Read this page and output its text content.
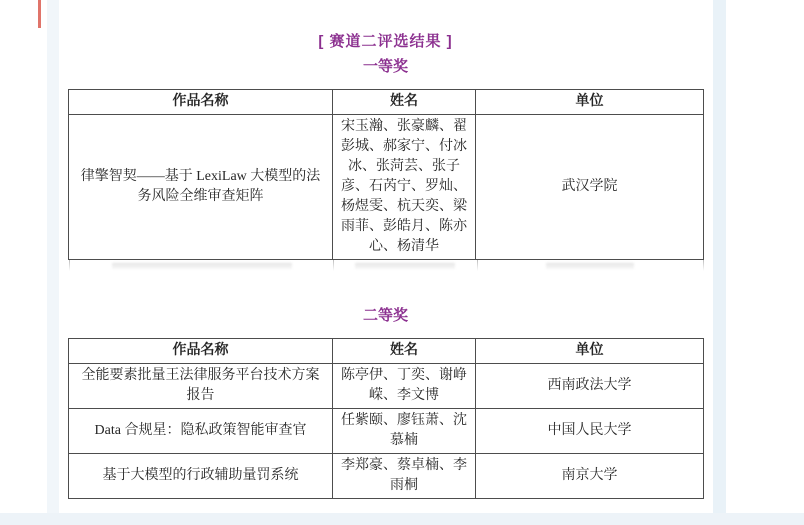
[ 赛道二评选结果 ]
一等奖
作品名称	姓名	单位
律擎智契——基于 LexiLaw 大模型的法务风险全维审查矩阵	宋玉瀚、张豪麟、翟彭城、郝家宁、付冰冰、张菏芸、张子彦、石芮宁、罗灿、杨煜雯、杭天奕、梁雨菲、彭皓月、陈亦心、杨清华	武汉学院
二等奖
作品名称	姓名	单位
全能要素批量王法律服务平台技术方案报告	陈亭伊、丁奕、谢峥嵘、李文博	西南政法大学
Data 合规星：隐私政策智能审查官	任紫颐、廖钰萧、沈慕楠	中国人民大学
基于大模型的行政辅助量罚系统	李郑豪、蔡卓楠、李雨桐	南京大学
